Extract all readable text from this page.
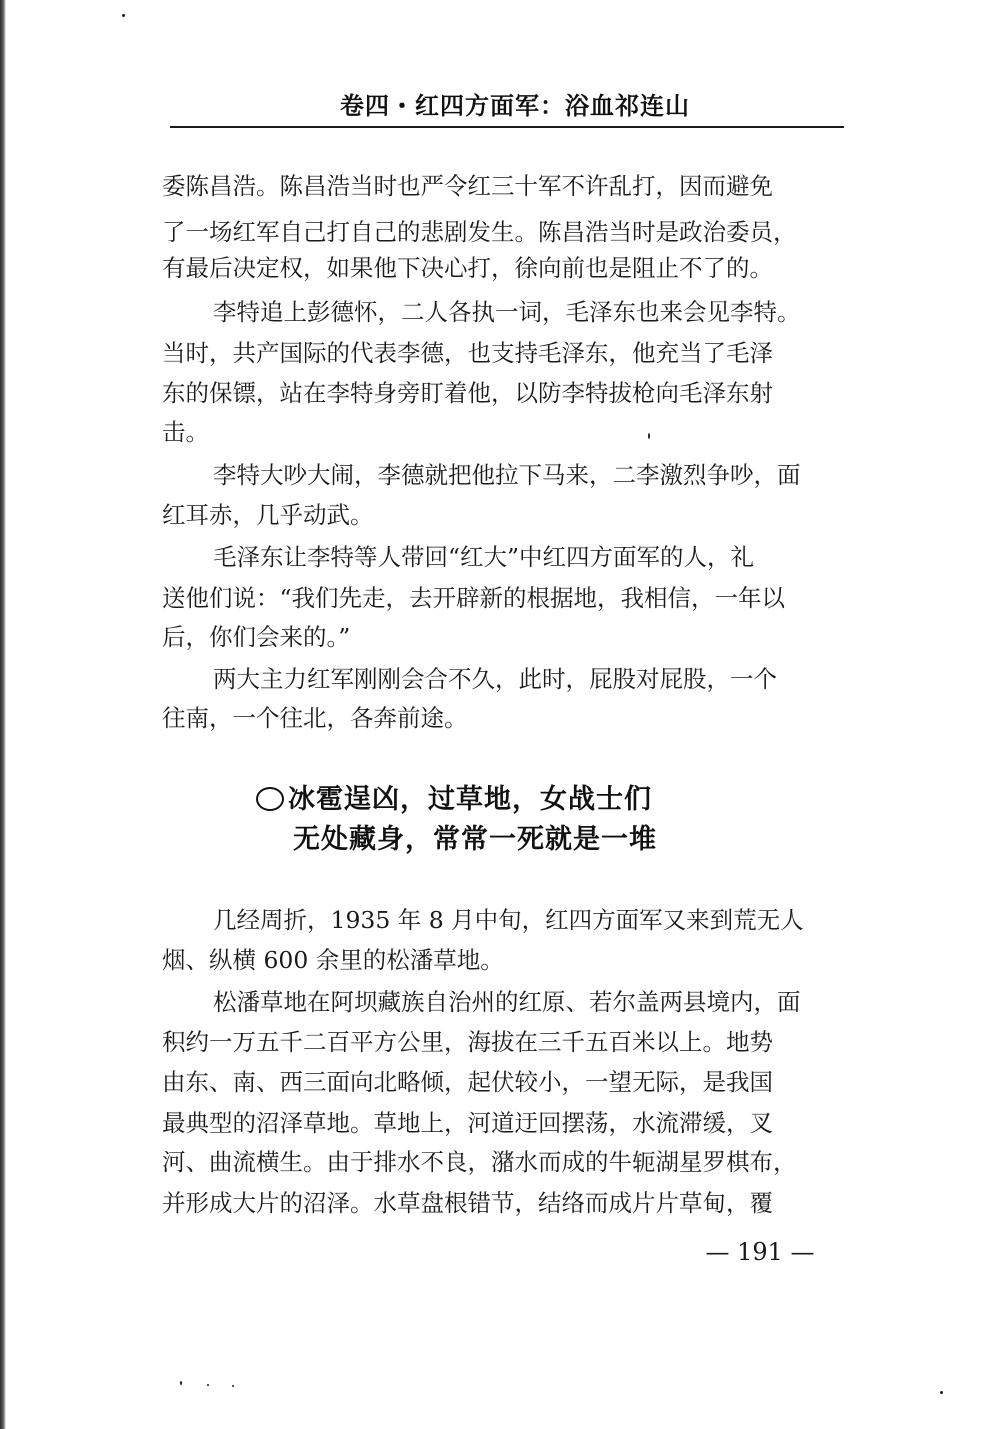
卷四・红四方面军：浴血祁连山
委陈昌浩。陈昌浩当时也严令红三十军不许乱打，因而避免
了一场红军自己打自己的悲剧发生。陈昌浩当时是政治委员，
有最后决定权，如果他下决心打，徐向前也是阻止不了的。
李特追上彭德怀，二人各执一词，毛泽东也来会见李特。
当时，共产国际的代表李德，也支持毛泽东，他充当了毛泽
东的保镖，站在李特身旁盯着他，以防李特拔枪向毛泽东射
击。
李特大吵大闹，李德就把他拉下马来，二李激烈争吵，面
红耳赤，几乎动武。
毛泽东让李特等人带回“红大”中红四方面军的人，礼
送他们说：“我们先走，去开辟新的根据地，我相信，一年以
后，你们会来的。”
两大主力红军刚刚会合不久，此时，屁股对屁股，一个
往南，一个往北，各奔前途。
冰雹逞凶，过草地，女战士们
无处藏身，常常一死就是一堆
几经周折，1935 年 8 月中旬，红四方面军又来到荒无人
烟、纵横 600 余里的松潘草地。
松潘草地在阿坝藏族自治州的红原、若尔盖两县境内，面
积约一万五千二百平方公里，海拔在三千五百米以上。地势
由东、南、西三面向北略倾，起伏较小，一望无际，是我国
最典型的沼泽草地。草地上，河道迂回摆荡，水流滞缓，叉
河、曲流横生。由于排水不良，潴水而成的牛轭湖星罗棋布，
并形成大片的沼泽。水草盘根错节，结络而成片片草甸，覆
— 191 —
